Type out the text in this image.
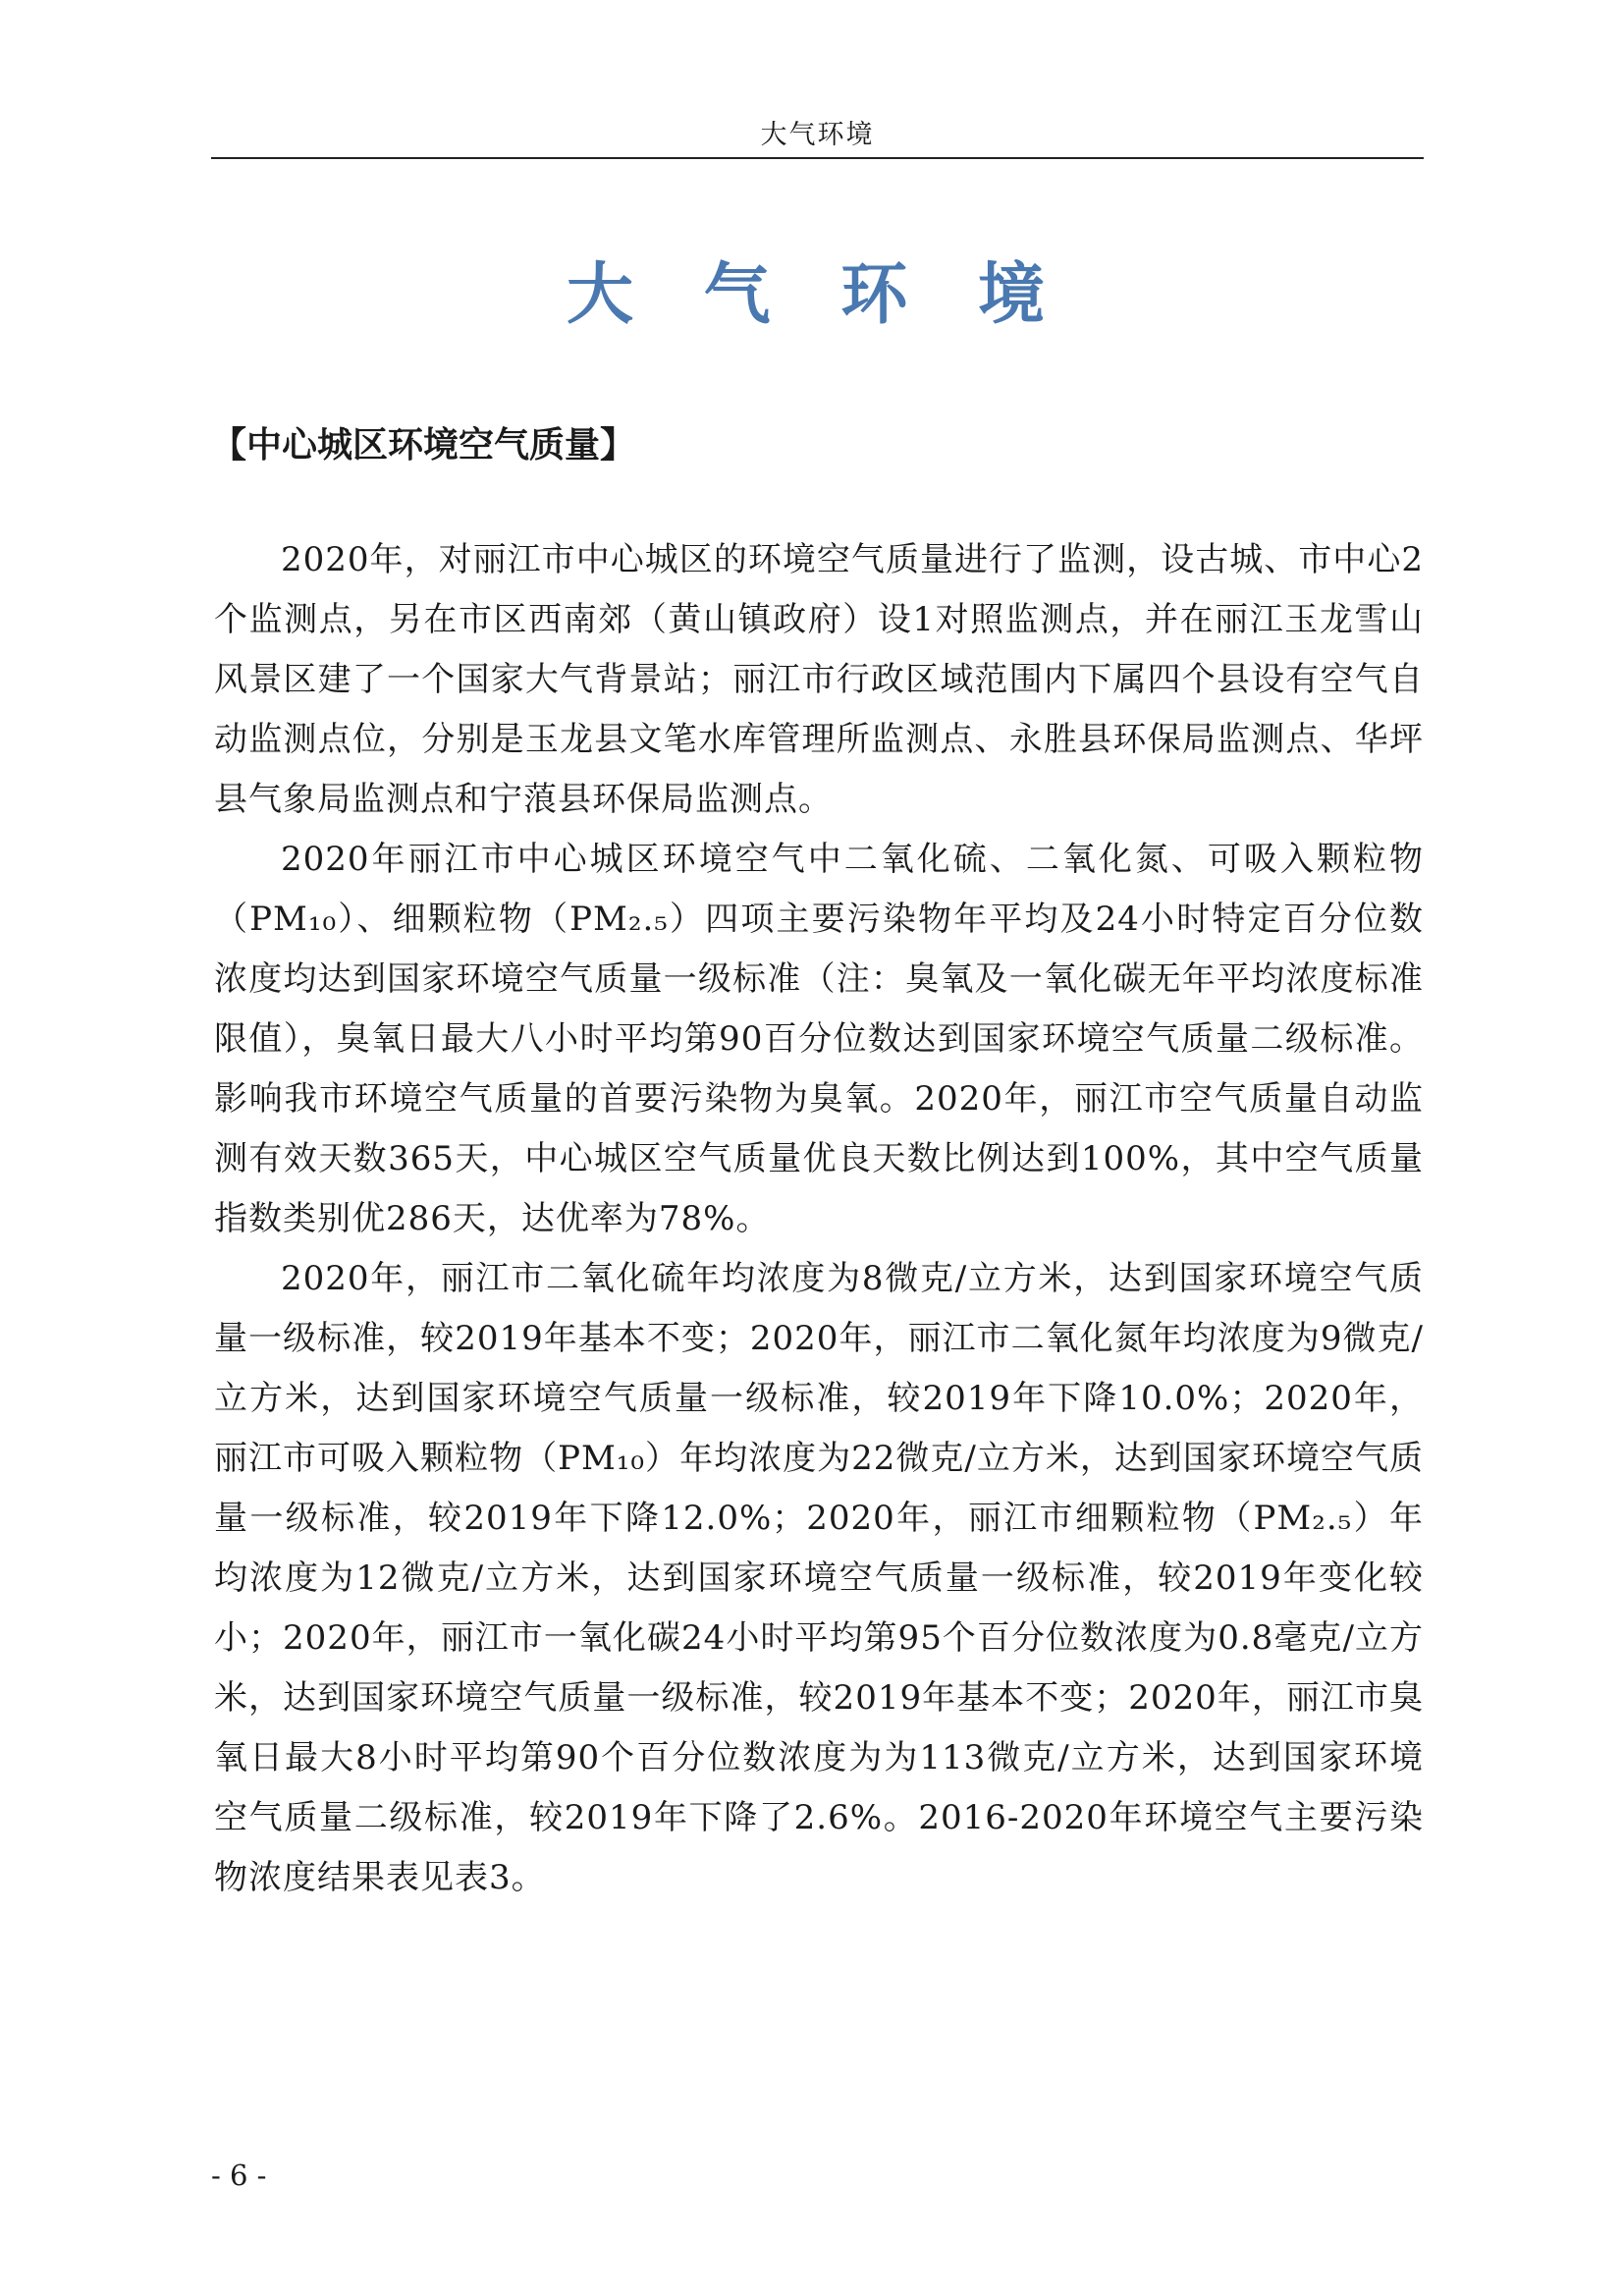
大气环境
大 气 环 境
【中心城区环境空气质量】

2020年，对丽江市中心城区的环境空气质量进行了监测，设古城、市中心2个监测点，另在市区西南郊（黄山镇政府）设1对照监测点，并在丽江玉龙雪山风景区建了一个国家大气背景站；丽江市行政区域范围内下属四个县设有空气自动监测点位，分别是玉龙县文笔水库管理所监测点、永胜县环保局监测点、华坪县气象局监测点和宁蒗县环保局监测点。

2020年丽江市中心城区环境空气中二氧化硫、二氧化氮、可吸入颗粒物（PM₁₀）、细颗粒物（PM₂.₅）四项主要污染物年平均及24小时特定百分位数浓度均达到国家环境空气质量一级标准（注：臭氧及一氧化碳无年平均浓度标准限值），臭氧日最大八小时平均第90百分位数达到国家环境空气质量二级标准。影响我市环境空气质量的首要污染物为臭氧。2020年，丽江市空气质量自动监测有效天数365天，中心城区空气质量优良天数比例达到100%，其中空气质量指数类别优286天，达优率为78%。

2020年，丽江市二氧化硫年均浓度为8微克/立方米，达到国家环境空气质量一级标准，较2019年基本不变；2020年，丽江市二氧化氮年均浓度为9微克/立方米，达到国家环境空气质量一级标准，较2019年下降10.0%；2020年，丽江市可吸入颗粒物（PM₁₀）年均浓度为22微克/立方米，达到国家环境空气质量一级标准，较2019年下降12.0%；2020年，丽江市细颗粒物（PM₂.₅）年均浓度为12微克/立方米，达到国家环境空气质量一级标准，较2019年变化较小；2020年，丽江市一氧化碳24小时平均第95个百分位数浓度为0.8毫克/立方米，达到国家环境空气质量一级标准，较2019年基本不变；2020年，丽江市臭氧日最大8小时平均第90个百分位数浓度为为113微克/立方米，达到国家环境空气质量二级标准，较2019年下降了2.6%。2016-2020年环境空气主要污染物浓度结果表见表3。

- 6 -
